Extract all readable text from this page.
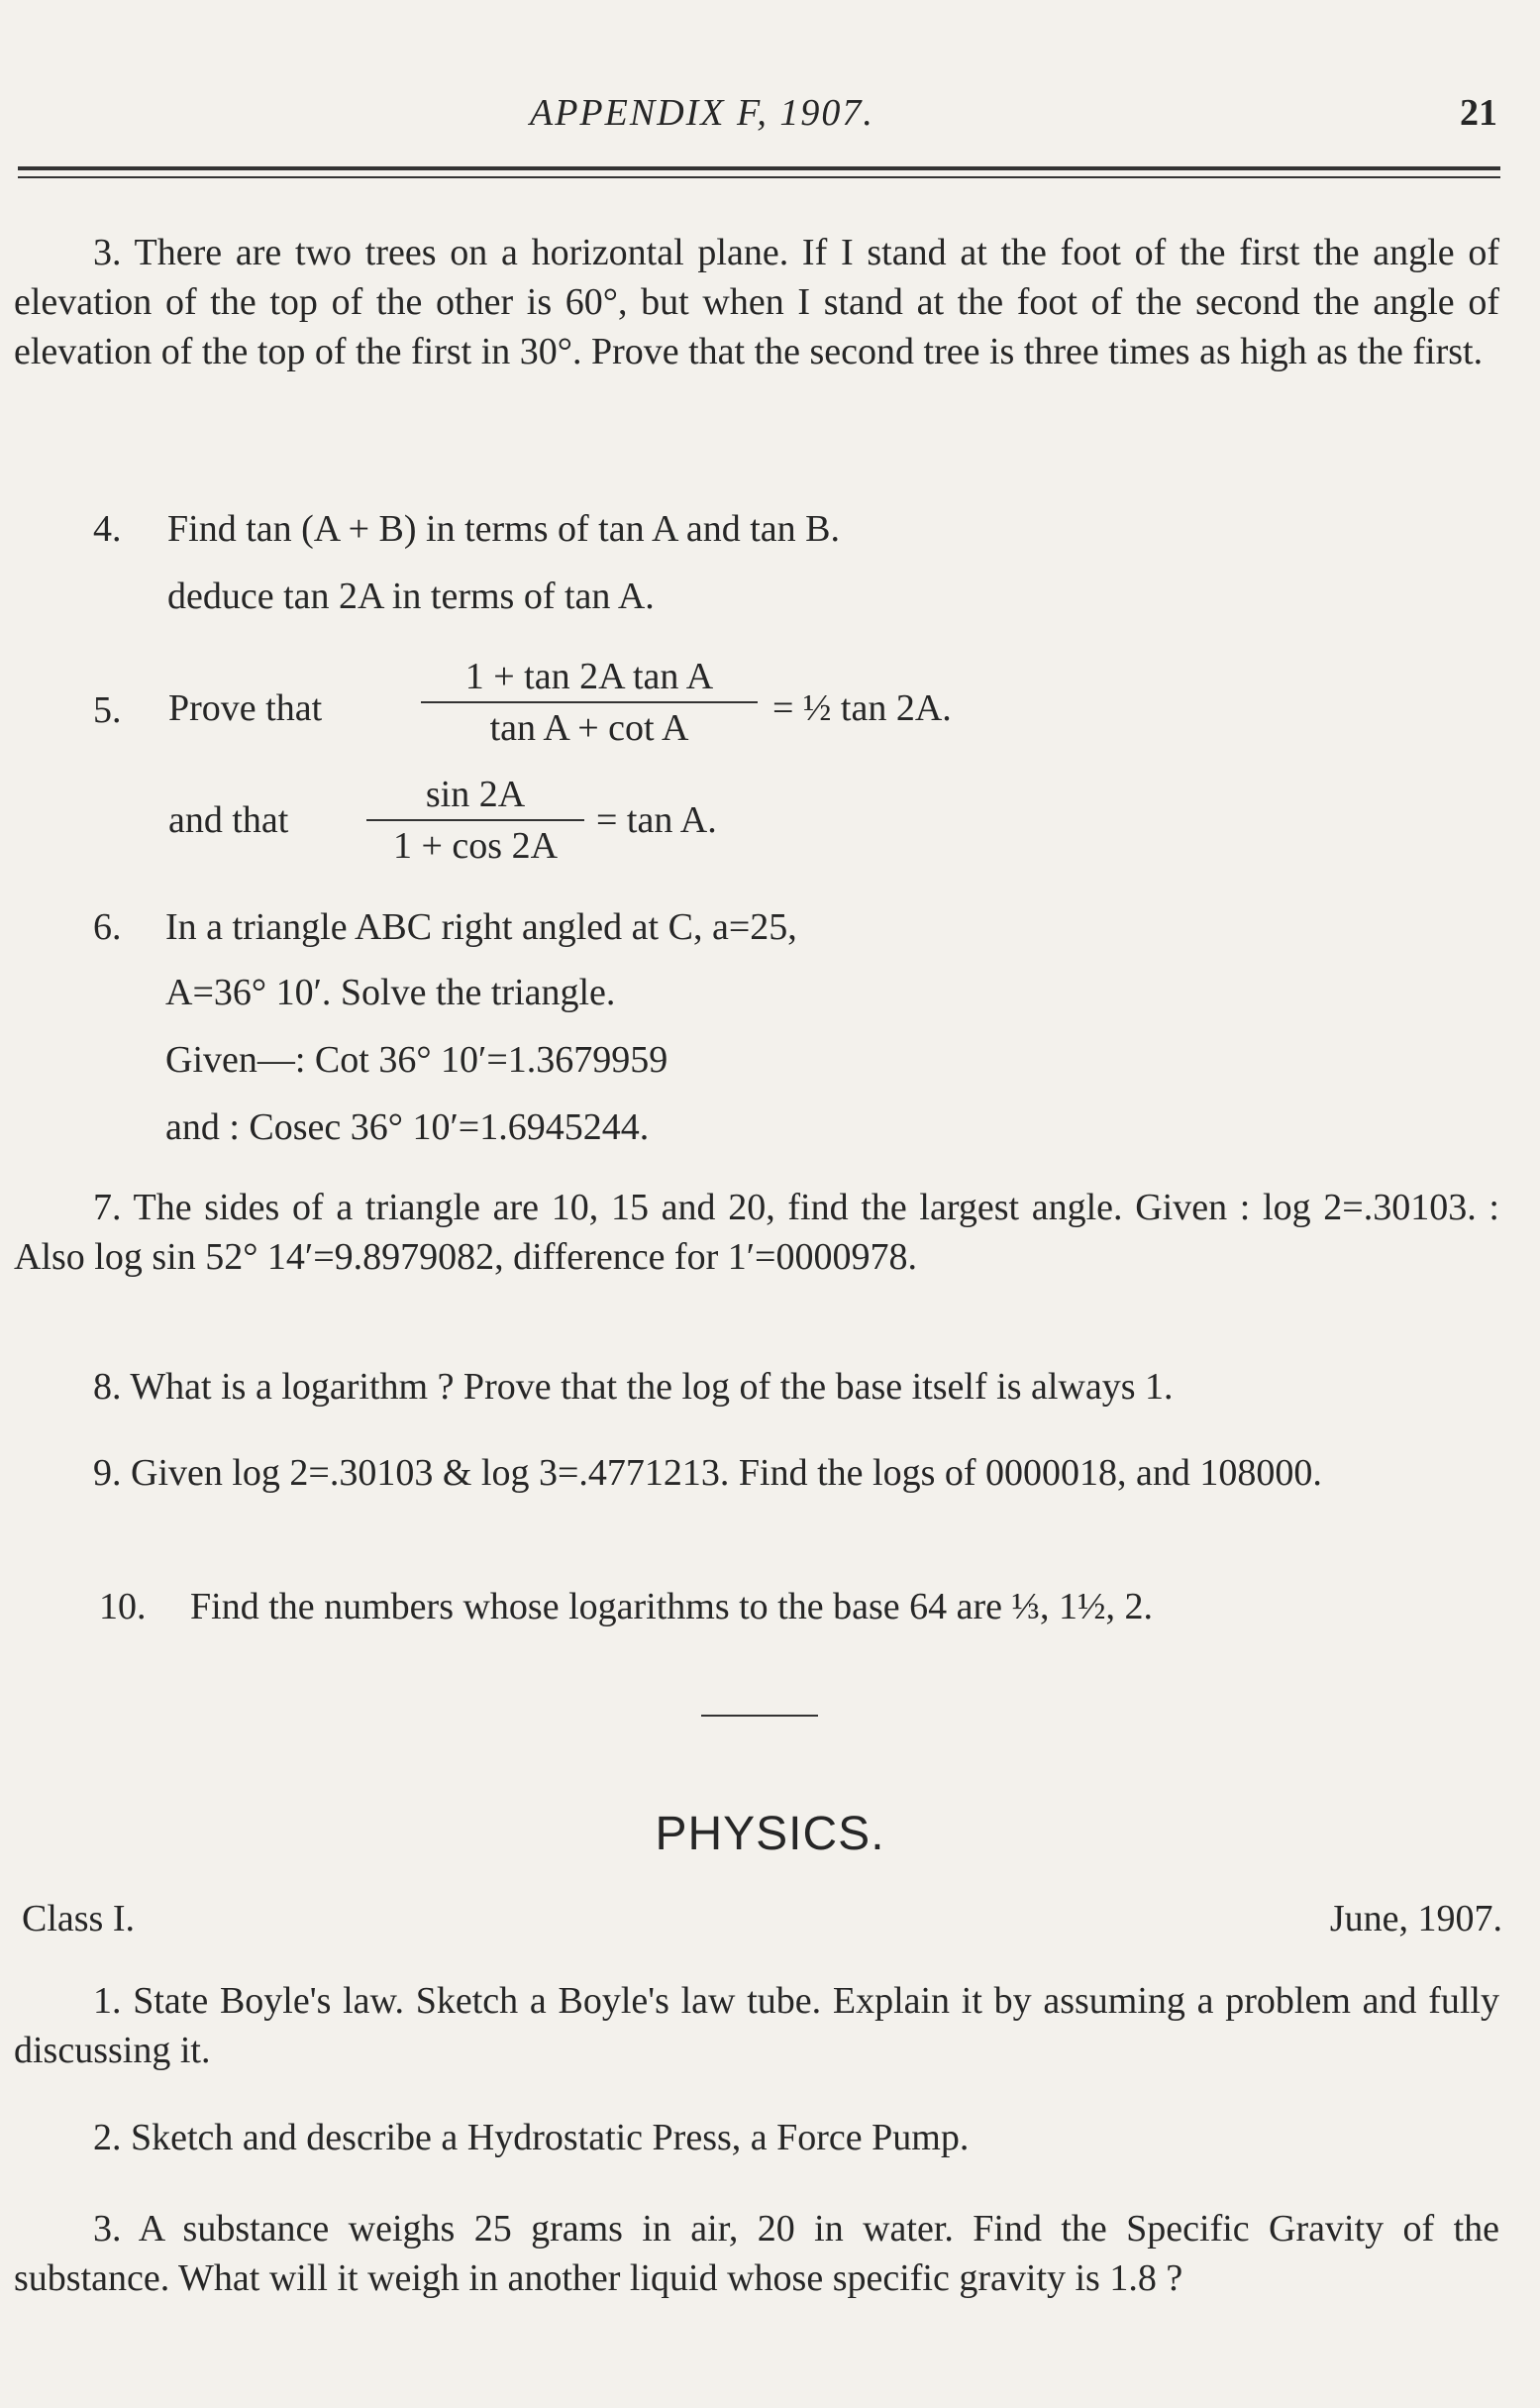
APPENDIX F, 1907.	21
3. There are two trees on a horizontal plane. If I stand at the foot of the first the angle of elevation of the top of the other is 60°, but when I stand at the foot of the second the angle of elevation of the top of the first in 30°. Prove that the second tree is three times as high as the first.
4. Find tan (A + B) in terms of tan A and tan B.
deduce tan 2A in terms of tan A.
5. Prove that
1 + tan 2A tan A
tan A + cot A	= ½ tan 2A.
and that
sin 2A
1 + cos 2A
= tan A.
6. In a triangle ABC right angled at C, a=25,
A=36° 10′. Solve the triangle.
Given—: Cot 36° 10′=1.3679959
and : Cosec 36° 10′=1.6945244.
7. The sides of a triangle are 10, 15 and 20, find the largest angle. Given : log 2=.30103. : Also log sin 52° 14′=9.8979082, difference for 1′=0000978.
8. What is a logarithm ? Prove that the log of the base itself is always 1.
9. Given log 2=.30103 & log 3=.4771213. Find the logs of 0000018, and 108000.
10. Find the numbers whose logarithms to the base 64 are ⅓, 1½, 2.
PHYSICS.
Class I.	June, 1907.
1. State Boyle's law. Sketch a Boyle's law tube. Explain it by assuming a problem and fully discussing it.
2. Sketch and describe a Hydrostatic Press, a Force Pump.
3. A substance weighs 25 grams in air, 20 in water. Find the Specific Gravity of the substance. What will it weigh in another liquid whose specific gravity is 1.8 ?
